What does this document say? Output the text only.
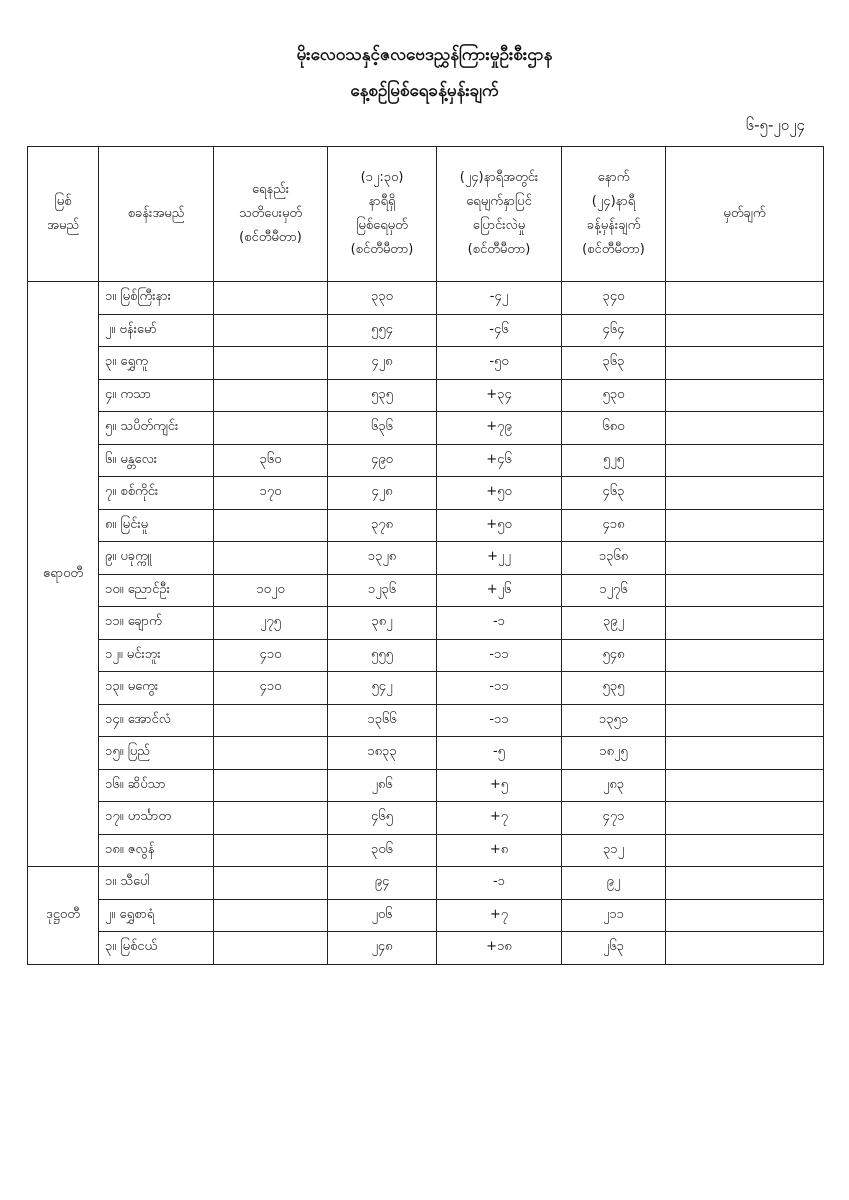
မိုးလေဝသနှင့်ဇလဗေဒညွှန်ကြားမှုဦးစီးဌာန
နေ့စဉ်မြစ်ရေခန့်မှန်းချက်
၆-၅-၂၀၂၄
မြစ်
အမည်	စခန်းအမည်	ရေနည်း
သတိပေးမှတ်
(စင်တီမီတာ)	(၁၂:၃၀)
နာရီရှိ
မြစ်ရေမှတ်
(စင်တီမီတာ)	(၂၄)နာရီအတွင်း
ရေမျက်နှာပြင်
ပြောင်းလဲမှု
(စင်တီမီတာ)	နောက်
(၂၄)နာရီ
ခန့်မှန်းချက်
(စင်တီမီတာ)	မှတ်ချက်

ဧရာဝတီ	၁။ မြစ်ကြီးနား		၃၃၀	-၄၂	၃၄၀	
	၂။ ဗန်းမော်		၅၅၄	-၄၆	၄၆၄	
	၃။ ရွှေကူ		၄၂၈	-၅၀	၃၆၃	
	၄။ ကသာ		၅၃၅	+၃၄	၅၃၀	
	၅။ သပိတ်ကျင်း		၆၃၆	+၇၉	၆၈၀	
	၆။ မန္တလေး	၃၆၀	၄၉၀	+၄၆	၅၂၅	
	၇။ စစ်ကိုင်း	၁၇၀	၄၂၈	+၅၀	၄၆၃	
	၈။ မြင်းမူ		၃၇၈	+၅၀	၄၁၈	
	၉။ ပခုက္ကူ		၁၃၂၈	+၂၂	၁၃၆၈	
	၁၀။ ညောင်ဦး	၁၀၂၀	၁၂၃၆	+၂၆	၁၂၇၆	
	၁၁။ ချောက်	၂၇၅	၃၈၂	-၁	၃၉၂	
	၁၂။ မင်းဘူး	၄၁၀	၅၅၅	-၁၁	၅၄၈	
	၁၃။ မကွေး	၄၁၀	၅၄၂	-၁၁	၅၃၅	
	၁၄။ အောင်လံ		၁၃၆၆	-၁၁	၁၃၅၁	
	၁၅။ ပြည်		၁၈၃၃	-၅	၁၈၂၅	
	၁၆။ ဆိပ်သာ		၂၈၆	+၅	၂၈၃	
	၁၇။ ဟင်္သာတ		၄၆၅	+၇	၄၇၁	
	၁၈။ ဇလွန်		၃၀၆	+၈	၃၁၂	
ဒုဋ္ဌဝတီ	၁။ သီပေါ		၉၄	-၁	၉၂	
	၂။ ရွှေစာရံ		၂၀၆	+၇	၂၁၁	
	၃။ မြစ်ငယ်		၂၄၈	+၁၈	၂၆၃	
